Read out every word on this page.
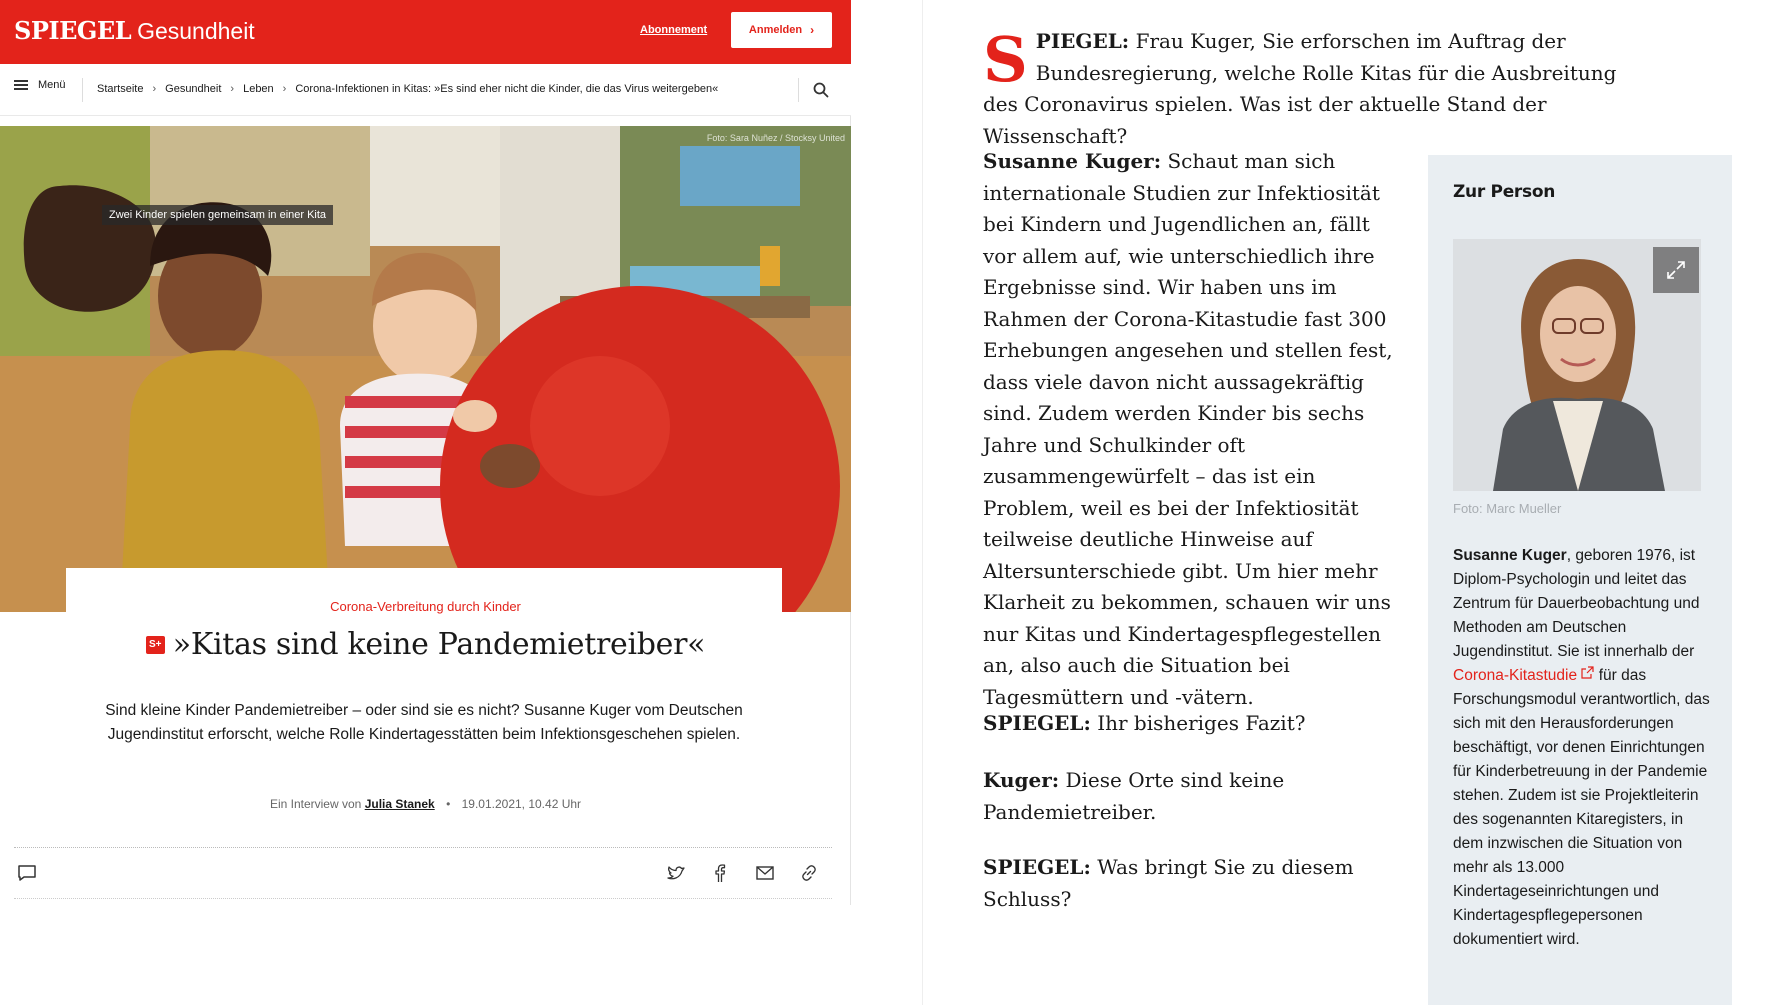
SPIEGEL Gesundheit	Abonnement	Anmelden ›
Menü	Startseite › Gesundheit › Leben › Corona-Infektionen in Kitas: »Es sind eher nicht die Kinder, die das Virus weitergeben«
Foto: Sara Nuñez / Stocksy United
Zwei Kinder spielen gemeinsam in einer Kita
Corona-Verbreitung durch Kinder
S+ »Kitas sind keine Pandemietreiber«

Sind kleine Kinder Pandemietreiber – oder sind sie es nicht? Susanne Kuger vom Deutschen Jugendinstitut erforscht, welche Rolle Kindertagesstätten beim Infektionsgeschehen spielen.

Ein Interview von Julia Stanek • 19.01.2021, 10.42 Uhr
SPIEGEL: Frau Kuger, Sie erforschen im Auftrag der Bundesregierung, welche Rolle Kitas für die Ausbreitung des Coronavirus spielen. Was ist der aktuelle Stand der Wissenschaft?
Susanne Kuger: Schaut man sich internationale Studien zur Infektiosität bei Kindern und Jugendlichen an, fällt vor allem auf, wie unterschiedlich ihre Ergebnisse sind. Wir haben uns im Rahmen der Corona-Kitastudie fast 300 Erhebungen angesehen und stellen fest, dass viele davon nicht aussagekräftig sind. Zudem werden Kinder bis sechs Jahre und Schulkinder oft zusammengewürfelt – das ist ein Problem, weil es bei der Infektiosität teilweise deutliche Hinweise auf Altersunterschiede gibt. Um hier mehr Klarheit zu bekommen, schauen wir uns nur Kitas und Kindertagespflegestellen an, also auch die Situation bei Tagesmüttern und -vätern.
SPIEGEL: Ihr bisheriges Fazit?
Kuger: Diese Orte sind keine Pandemietreiber.
SPIEGEL: Was bringt Sie zu diesem Schluss?
Zur Person
Foto: Marc Mueller

Susanne Kuger, geboren 1976, ist Diplom-Psychologin und leitet das Zentrum für Dauerbeobachtung und Methoden am Deutschen Jugendinstitut. Sie ist innerhalb der Corona-Kitastudie  für das Forschungsmodul verantwortlich, das sich mit den Herausforderungen beschäftigt, vor denen Einrichtungen für Kinderbetreuung in der Pandemie stehen. Zudem ist sie Projektleiterin des sogenannten Kitaregisters, in dem inzwischen die Situation von mehr als 13.000 Kindertageseinrichtungen und Kindertagespflegepersonen dokumentiert wird.
